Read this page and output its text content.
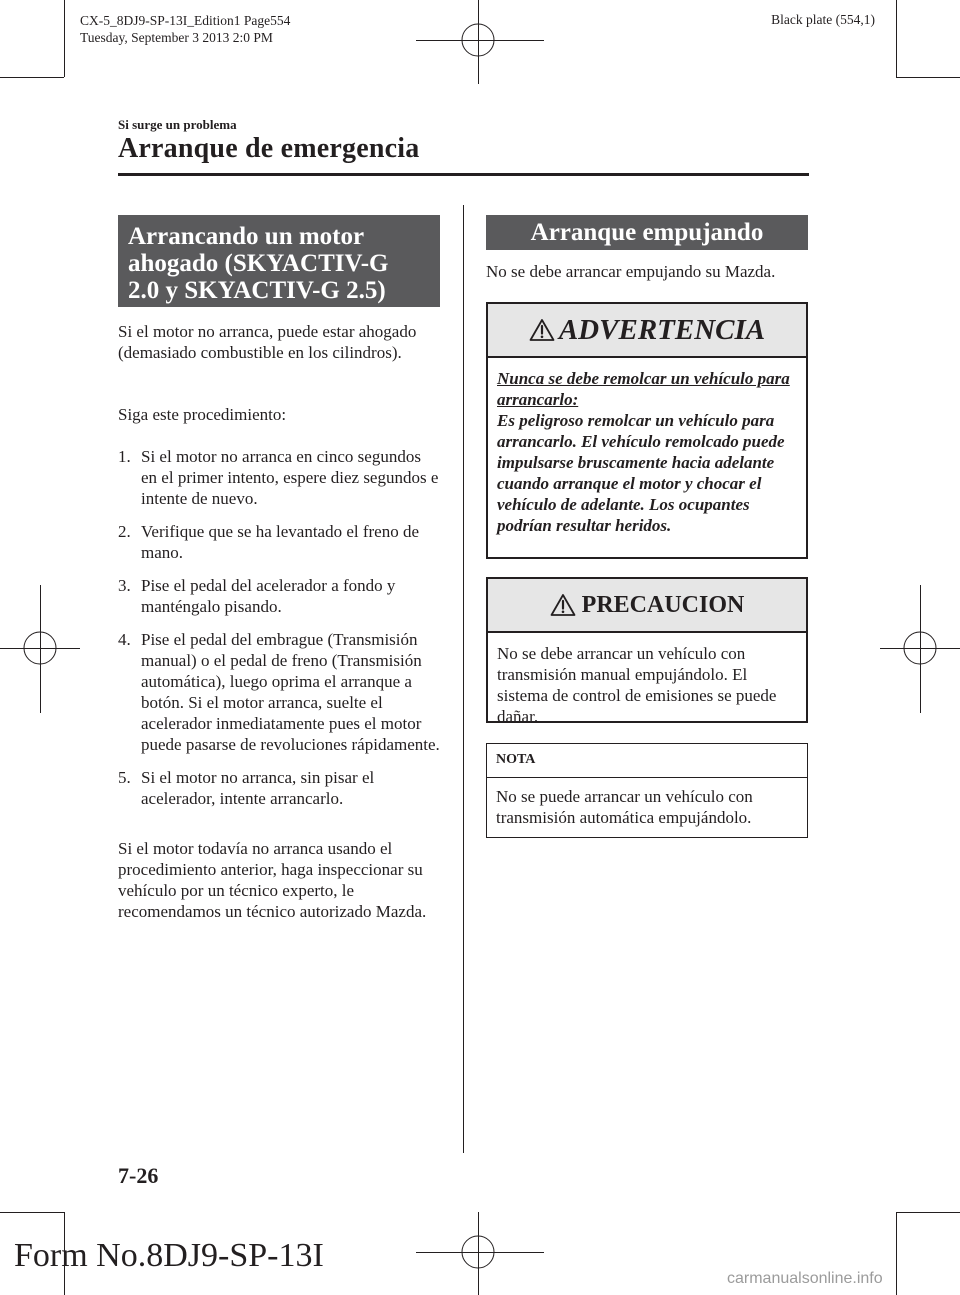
CX-5_8DJ9-SP-13I_Edition1 Page554
Tuesday, September 3 2013 2:0 PM
Black plate (554,1)
Si surge un problema
Arranque de emergencia
Arrancando un motor
ahogado (SKYACTIV-G
2.0 y SKYACTIV-G 2.5)
Si el motor no arranca, puede estar ahogado (demasiado combustible en los cilindros).
Siga este procedimiento:
1. Si el motor no arranca en cinco segundos en el primer intento, espere diez segundos e intente de nuevo.
2. Verifique que se ha levantado el freno de mano.
3. Pise el pedal del acelerador a fondo y manténgalo pisando.
4. Pise el pedal del embrague (Transmisión manual) o el pedal de freno (Transmisión automática), luego oprima el arranque a botón. Si el motor arranca, suelte el acelerador inmediatamente pues el motor puede pasarse de revoluciones rápidamente.
5. Si el motor no arranca, sin pisar el acelerador, intente arrancarlo.
Si el motor todavía no arranca usando el procedimiento anterior, haga inspeccionar su vehículo por un técnico experto, le recomendamos un técnico autorizado Mazda.
Arranque empujando
No se debe arrancar empujando su Mazda.
ADVERTENCIA
Nunca se debe remolcar un vehículo para arrancarlo:
Es peligroso remolcar un vehículo para arrancarlo. El vehículo remolcado puede impulsarse bruscamente hacia adelante cuando arranque el motor y chocar el vehículo de adelante. Los ocupantes podrían resultar heridos.
PRECAUCION
No se debe arrancar un vehículo con transmisión manual empujándolo. El sistema de control de emisiones se puede dañar.
NOTA
No se puede arrancar un vehículo con transmisión automática empujándolo.
7-26
Form No.8DJ9-SP-13I
carmanualsonline.info
